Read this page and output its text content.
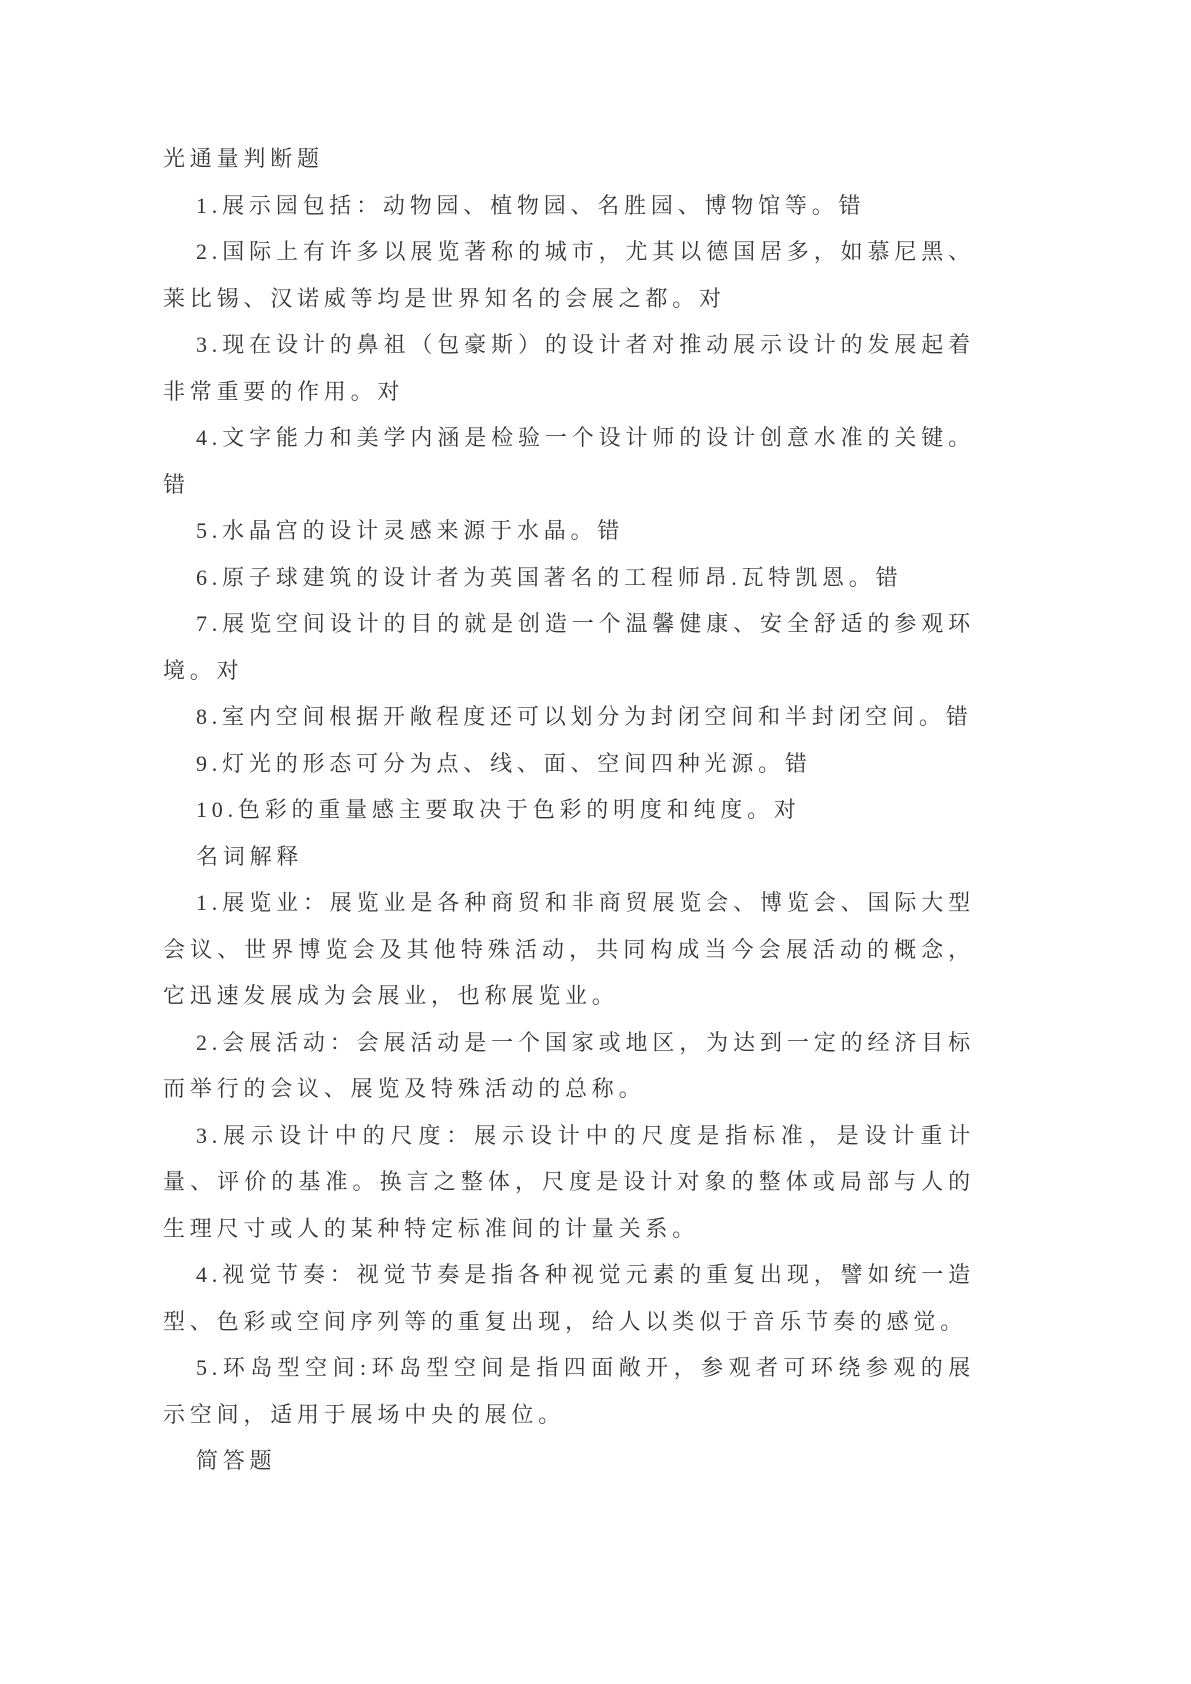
光通量判断题

1.展示园包括：动物园、植物园、名胜园、博物馆等。错

2.国际上有许多以展览著称的城市，尤其以德国居多，如慕尼黑、莱比锡、汉诺威等均是世界知名的会展之都。对

3.现在设计的鼻祖（包豪斯）的设计者对推动展示设计的发展起着非常重要的作用。对

4.文字能力和美学内涵是检验一个设计师的设计创意水准的关键。错

5.水晶宫的设计灵感来源于水晶。错

6.原子球建筑的设计者为英国著名的工程师昂.瓦特凯恩。错

7.展览空间设计的目的就是创造一个温馨健康、安全舒适的参观环境。对

8.室内空间根据开敞程度还可以划分为封闭空间和半封闭空间。错

9.灯光的形态可分为点、线、面、空间四种光源。错

10.色彩的重量感主要取决于色彩的明度和纯度。对

名词解释

1.展览业：展览业是各种商贸和非商贸展览会、博览会、国际大型会议、世界博览会及其他特殊活动，共同构成当今会展活动的概念，它迅速发展成为会展业，也称展览业。

2.会展活动：会展活动是一个国家或地区，为达到一定的经济目标而举行的会议、展览及特殊活动的总称。

3.展示设计中的尺度：展示设计中的尺度是指标准，是设计重计量、评价的基准。换言之整体，尺度是设计对象的整体或局部与人的生理尺寸或人的某种特定标准间的计量关系。

4.视觉节奏：视觉节奏是指各种视觉元素的重复出现，譬如统一造型、色彩或空间序列等的重复出现，给人以类似于音乐节奏的感觉。

5.环岛型空间:环岛型空间是指四面敞开，参观者可环绕参观的展示空间，适用于展场中央的展位。

简答题
